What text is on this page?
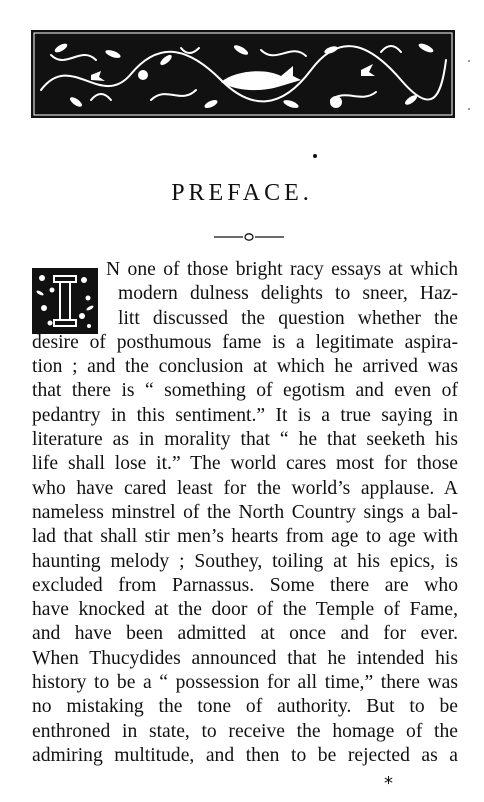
PREFACE.
N one of those bright racy essays at which
modern dulness delights to sneer, Haz-
litt discussed the question whether the
desire of posthumous fame is a legitimate aspira-
tion ; and the conclusion at which he arrived was
that there is “ something of egotism and even of
pedantry in this sentiment.” It is a true saying in
literature as in morality that “ he that seeketh his
life shall lose it.” The world cares most for those
who have cared least for the world’s applause. A
nameless minstrel of the North Country sings a bal-
lad that shall stir men’s hearts from age to age with
haunting melody ; Southey, toiling at his epics, is
excluded from Parnassus. Some there are who
have knocked at the door of the Temple of Fame,
and have been admitted at once and for ever.
When Thucydides announced that he intended his
history to be a “ possession for all time,” there was
no mistaking the tone of authority. But to be
enthroned in state, to receive the homage of the
admiring multitude, and then to be rejected as a
*
